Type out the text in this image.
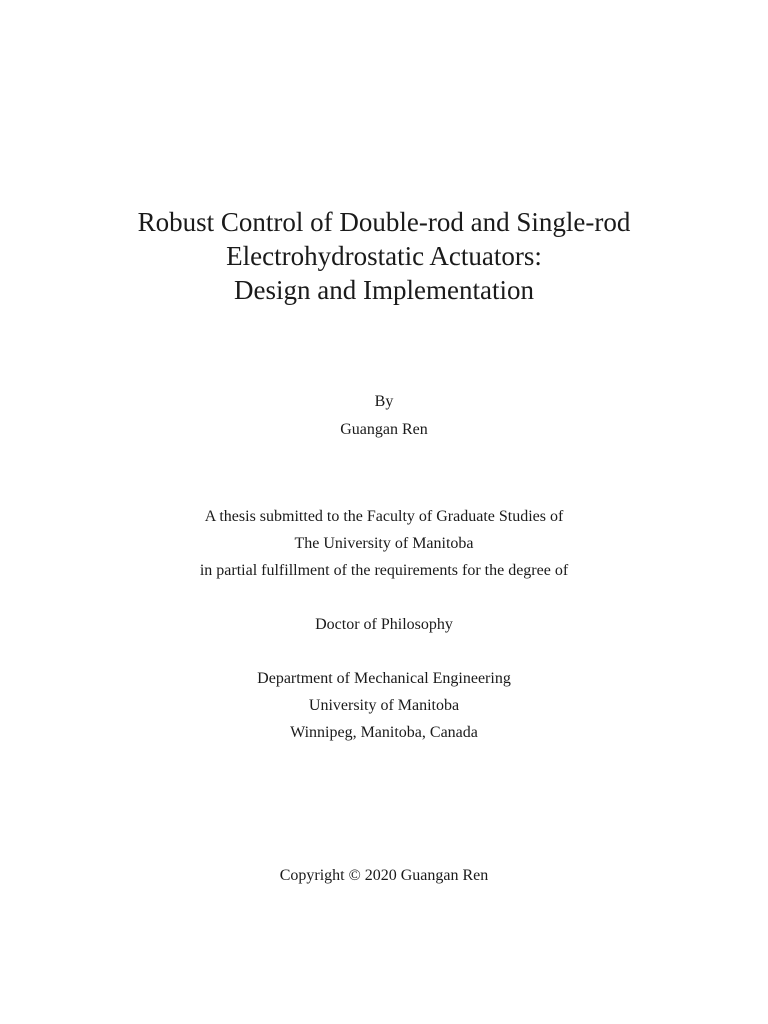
Robust Control of Double-rod and Single-rod
Electrohydrostatic Actuators:
Design and Implementation
By
Guangan Ren
A thesis submitted to the Faculty of Graduate Studies of
The University of Manitoba
in partial fulfillment of the requirements for the degree of
Doctor of Philosophy
Department of Mechanical Engineering
University of Manitoba
Winnipeg, Manitoba, Canada
Copyright © 2020 Guangan Ren
